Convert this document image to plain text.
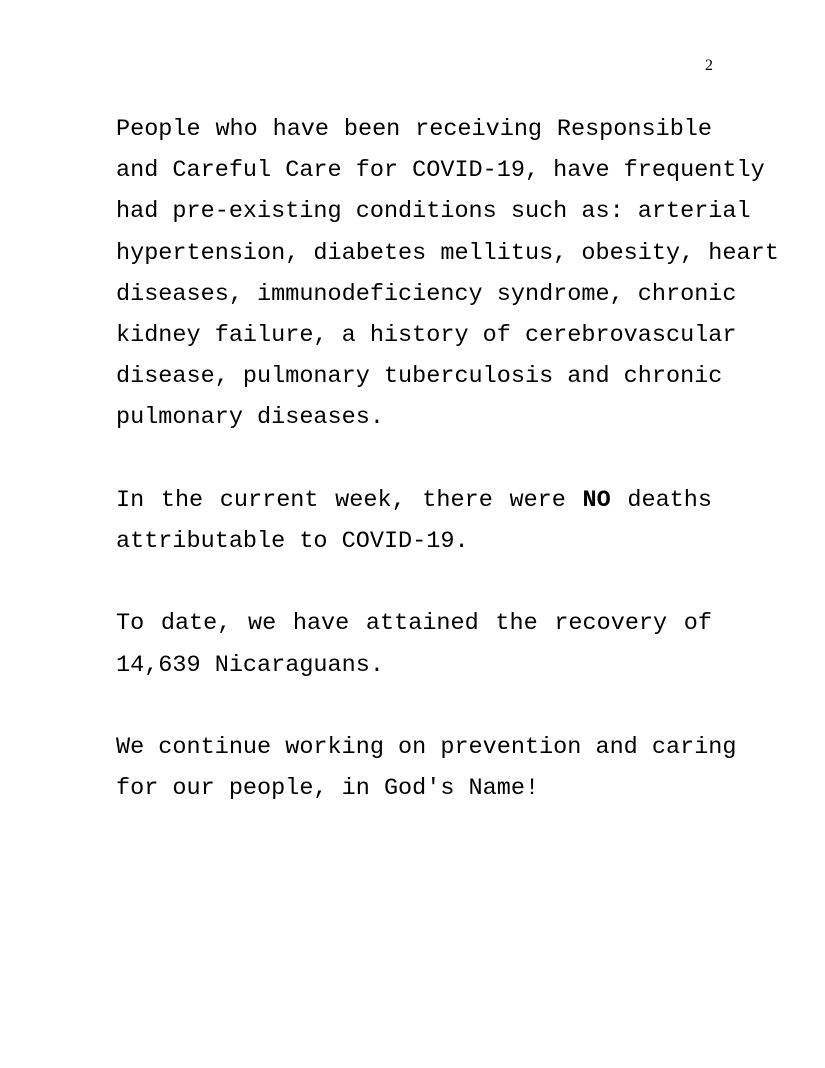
2

People who have been receiving Responsible
and Careful Care for COVID-19, have frequently
had pre-existing conditions such as: arterial
hypertension, diabetes mellitus, obesity, heart
diseases, immunodeficiency syndrome, chronic
kidney failure, a history of cerebrovascular
disease, pulmonary tuberculosis and chronic
pulmonary diseases.

In the current week, there were NO deaths
attributable to COVID-19.

To date, we have attained the recovery of
14,639 Nicaraguans.

We continue working on prevention and caring
for our people, in God's Name!
